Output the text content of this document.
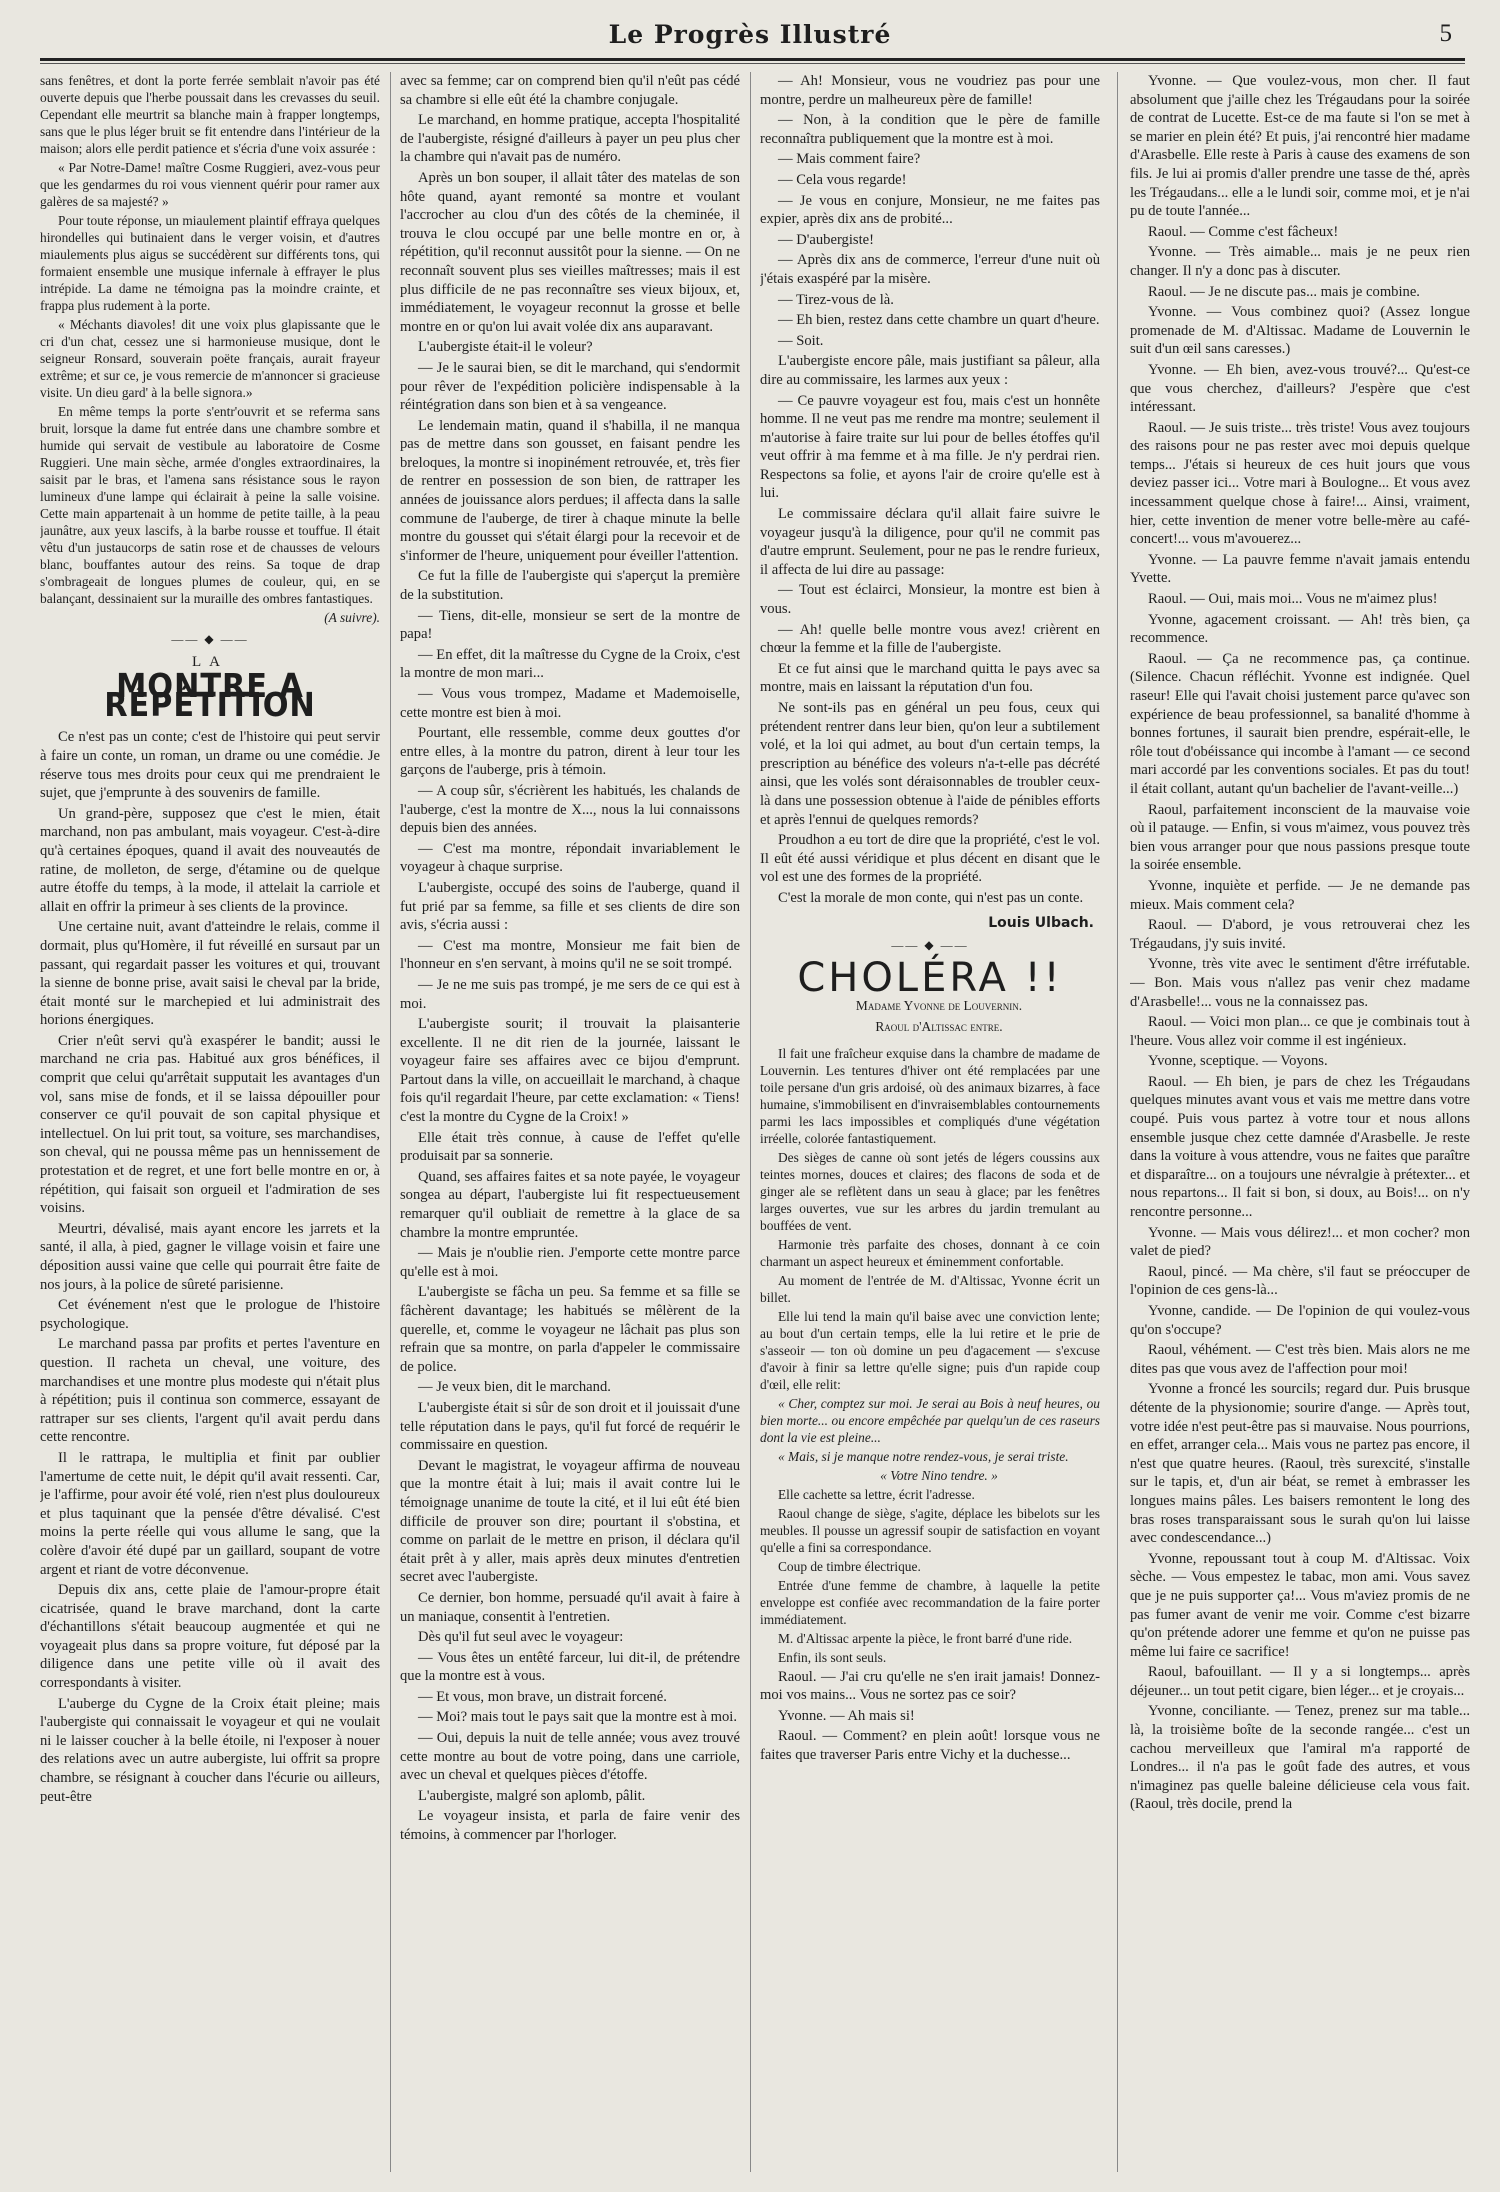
Le Progrès Illustré	5

sans fenêtres, et dont la porte ferrée semblait n'avoir pas été ouverte depuis que l'herbe poussait dans les crevasses du seuil. Cependant elle meurtrit sa blanche main à frapper longtemps, sans que le plus léger bruit se fit entendre dans l'intérieur de la maison; alors elle perdit patience et s'écria d'une voix assurée :

« Par Notre-Dame! maître Cosme Ruggieri, avez-vous peur que les gendarmes du roi vous viennent quérir pour ramer aux galères de sa majesté? »

Pour toute réponse, un miaulement plaintif effraya quelques hirondelles qui butinaient dans le verger voisin, et d'autres miaulements plus aigus se succédèrent sur différents tons, qui formaient ensemble une musique infernale à effrayer le plus intrépide. La dame ne témoigna pas la moindre crainte, et frappa plus rudement à la porte.

« Méchants diavoles! dit une voix plus glapissante que le cri d'un chat, cessez une si harmonieuse musique, dont le seigneur Ronsard, souverain poëte français, aurait frayeur extrême; et sur ce, je vous remercie de m'annoncer si gracieuse visite. Un dieu gard' à la belle signora.»

En même temps la porte s'entr'ouvrit et se referma sans bruit, lorsque la dame fut entrée dans une chambre sombre et humide qui servait de vestibule au laboratoire de Cosme Ruggieri. Une main sèche, armée d'ongles extraordinaires, la saisit par le bras, et l'amena sans résistance sous le rayon lumineux d'une lampe qui éclairait à peine la salle voisine. Cette main appartenait à un homme de petite taille, à la peau jaunâtre, aux yeux lascifs, à la barbe rousse et touffue. Il était vêtu d'un justaucorps de satin rose et de chausses de velours blanc, bouffantes autour des reins. Sa toque de drap s'ombrageait de longues plumes de couleur, qui, en se balançant, dessinaient sur la muraille des ombres fantastiques.

(A suivre).

—— ◆ ——
LA
MONTRE A RÉPÉTITION

Ce n'est pas un conte; c'est de l'histoire qui peut servir à faire un conte, un roman, un drame ou une comédie. Je réserve tous mes droits pour ceux qui me prendraient le sujet, que j'emprunte à des souvenirs de famille.

Un grand-père, supposez que c'est le mien, était marchand, non pas ambulant, mais voyageur. C'est-à-dire qu'à certaines époques, quand il avait des nouveautés de ratine, de molleton, de serge, d'étamine ou de quelque autre étoffe du temps, à la mode, il attelait la carriole et allait en offrir la primeur à ses clients de la province.

Une certaine nuit, avant d'atteindre le relais, comme il dormait, plus qu'Homère, il fut réveillé en sursaut par un passant, qui regardait passer les voitures et qui, trouvant la sienne de bonne prise, avait saisi le cheval par la bride, était monté sur le marchepied et lui administrait des horions énergiques.

Crier n'eût servi qu'à exaspérer le bandit; aussi le marchand ne cria pas. Habitué aux gros bénéfices, il comprit que celui qu'arrêtait supputait les avantages d'un vol, sans mise de fonds, et il se laissa dépouiller pour conserver ce qu'il pouvait de son capital physique et intellectuel. On lui prit tout, sa voiture, ses marchandises, son cheval, qui ne poussa même pas un hennissement de protestation et de regret, et une fort belle montre en or, à répétition, qui faisait son orgueil et l'admiration de ses voisins.

Meurtri, dévalisé, mais ayant encore les jarrets et la santé, il alla, à pied, gagner le village voisin et faire une déposition aussi vaine que celle qui pourrait être faite de nos jours, à la police de sûreté parisienne.

Cet événement n'est que le prologue de l'histoire psychologique.

Le marchand passa par profits et pertes l'aventure en question. Il racheta un cheval, une voiture, des marchandises et une montre plus modeste qui n'était plus à répétition; puis il continua son commerce, essayant de rattraper sur ses clients, l'argent qu'il avait perdu dans cette rencontre.

Il le rattrapa, le multiplia et finit par oublier l'amertume de cette nuit, le dépit qu'il avait ressenti. Car, je l'affirme, pour avoir été volé, rien n'est plus douloureux et plus taquinant que la pensée d'être dévalisé. C'est moins la perte réelle qui vous allume le sang, que la colère d'avoir été dupé par un gaillard, soupant de votre argent et riant de votre déconvenue.

Depuis dix ans, cette plaie de l'amour-propre était cicatrisée, quand le brave marchand, dont la carte d'échantillons s'était beaucoup augmentée et qui ne voyageait plus dans sa propre voiture, fut déposé par la diligence dans une petite ville où il avait des correspondants à visiter.

L'auberge du Cygne de la Croix était pleine; mais l'aubergiste qui connaissait le voyageur et qui ne voulait ni le laisser coucher à la belle étoile, ni l'exposer à nouer des relations avec un autre aubergiste, lui offrit sa propre chambre, se résignant à coucher dans l'écurie ou ailleurs, peut-être

avec sa femme; car on comprend bien qu'il n'eût pas cédé sa chambre si elle eût été la chambre conjugale.

Le marchand, en homme pratique, accepta l'hospitalité de l'aubergiste, résigné d'ailleurs à payer un peu plus cher la chambre qui n'avait pas de numéro.

Après un bon souper, il allait tâter des matelas de son hôte quand, ayant remonté sa montre et voulant l'accrocher au clou d'un des côtés de la cheminée, il trouva le clou occupé par une belle montre en or, à répétition, qu'il reconnut aussitôt pour la sienne. — On ne reconnaît souvent plus ses vieilles maîtresses; mais il est plus difficile de ne pas reconnaître ses vieux bijoux, et, immédiatement, le voyageur reconnut la grosse et belle montre en or qu'on lui avait volée dix ans auparavant.

L'aubergiste était-il le voleur?

— Je le saurai bien, se dit le marchand, qui s'endormit pour rêver de l'expédition policière indispensable à la réintégration dans son bien et à sa vengeance.

Le lendemain matin, quand il s'habilla, il ne manqua pas de mettre dans son gousset, en faisant pendre les breloques, la montre si inopinément retrouvée, et, très fier de rentrer en possession de son bien, de rattraper les années de jouissance alors perdues; il affecta dans la salle commune de l'auberge, de tirer à chaque minute la belle montre du gousset qui s'était élargi pour la recevoir et de s'informer de l'heure, uniquement pour éveiller l'attention.

Ce fut la fille de l'aubergiste qui s'aperçut la première de la substitution.

— Tiens, dit-elle, monsieur se sert de la montre de papa!

— En effet, dit la maîtresse du Cygne de la Croix, c'est la montre de mon mari...

— Vous vous trompez, Madame et Mademoiselle, cette montre est bien à moi.

Pourtant, elle ressemble, comme deux gouttes d'or entre elles, à la montre du patron, dirent à leur tour les garçons de l'auberge, pris à témoin.

— A coup sûr, s'écrièrent les habitués, les chalands de l'auberge, c'est la montre de X..., nous la lui connaissons depuis bien des années.

— C'est ma montre, répondait invariablement le voyageur à chaque surprise.

L'aubergiste, occupé des soins de l'auberge, quand il fut prié par sa femme, sa fille et ses clients de dire son avis, s'écria aussi :

— C'est ma montre, Monsieur me fait bien de l'honneur en s'en servant, à moins qu'il ne se soit trompé.

— Je ne me suis pas trompé, je me sers de ce qui est à moi.

L'aubergiste sourit; il trouvait la plaisanterie excellente. Il ne dit rien de la journée, laissant le voyageur faire ses affaires avec ce bijou d'emprunt. Partout dans la ville, on accueillait le marchand, à chaque fois qu'il regardait l'heure, par cette exclamation: « Tiens! c'est la montre du Cygne de la Croix! »

Elle était très connue, à cause de l'effet qu'elle produisait par sa sonnerie.

Quand, ses affaires faites et sa note payée, le voyageur songea au départ, l'aubergiste lui fit respectueusement remarquer qu'il oubliait de remettre à la glace de sa chambre la montre empruntée.

— Mais je n'oublie rien. J'emporte cette montre parce qu'elle est à moi.

L'aubergiste se fâcha un peu. Sa femme et sa fille se fâchèrent davantage; les habitués se mêlèrent de la querelle, et, comme le voyageur ne lâchait pas plus son refrain que sa montre, on parla d'appeler le commissaire de police.

— Je veux bien, dit le marchand.

L'aubergiste était si sûr de son droit et il jouissait d'une telle réputation dans le pays, qu'il fut forcé de requérir le commissaire en question.

Devant le magistrat, le voyageur affirma de nouveau que la montre était à lui; mais il avait contre lui le témoignage unanime de toute la cité, et il lui eût été bien difficile de prouver son dire; pourtant il s'obstina, et comme on parlait de le mettre en prison, il déclara qu'il était prêt à y aller, mais après deux minutes d'entretien secret avec l'aubergiste.

Ce dernier, bon homme, persuadé qu'il avait à faire à un maniaque, consentit à l'entretien.

Dès qu'il fut seul avec le voyageur:

— Vous êtes un entêté farceur, lui dit-il, de prétendre que la montre est à vous.

— Et vous, mon brave, un distrait forcené.

— Moi? mais tout le pays sait que la montre est à moi.

— Oui, depuis la nuit de telle année; vous avez trouvé cette montre au bout de votre poing, dans une carriole, avec un cheval et quelques pièces d'étoffe.

L'aubergiste, malgré son aplomb, pâlit.

Le voyageur insista, et parla de faire venir des témoins, à commencer par l'horloger.

— Ah! Monsieur, vous ne voudriez pas pour une montre, perdre un malheureux père de famille!

— Non, à la condition que le père de famille reconnaîtra publiquement que la montre est à moi.

— Mais comment faire?

— Cela vous regarde!

— Je vous en conjure, Monsieur, ne me faites pas expier, après dix ans de probité...

— D'aubergiste!

— Après dix ans de commerce, l'erreur d'une nuit où j'étais exaspéré par la misère.

— Tirez-vous de là.

— Eh bien, restez dans cette chambre un quart d'heure.

— Soit.

L'aubergiste encore pâle, mais justifiant sa pâleur, alla dire au commissaire, les larmes aux yeux :

— Ce pauvre voyageur est fou, mais c'est un honnête homme. Il ne veut pas me rendre ma montre; seulement il m'autorise à faire traite sur lui pour de belles étoffes qu'il veut offrir à ma femme et à ma fille. Je n'y perdrai rien. Respectons sa folie, et ayons l'air de croire qu'elle est à lui.

Le commissaire déclara qu'il allait faire suivre le voyageur jusqu'à la diligence, pour qu'il ne commit pas d'autre emprunt. Seulement, pour ne pas le rendre furieux, il affecta de lui dire au passage:

— Tout est éclairci, Monsieur, la montre est bien à vous.

— Ah! quelle belle montre vous avez! crièrent en chœur la femme et la fille de l'aubergiste.

Et ce fut ainsi que le marchand quitta le pays avec sa montre, mais en laissant la réputation d'un fou.

Ne sont-ils pas en général un peu fous, ceux qui prétendent rentrer dans leur bien, qu'on leur a subtilement volé, et la loi qui admet, au bout d'un certain temps, la prescription au bénéfice des voleurs n'a-t-elle pas décrété ainsi, que les volés sont déraisonnables de troubler ceux-là dans une possession obtenue à l'aide de pénibles efforts et après l'ennui de quelques remords?

Proudhon a eu tort de dire que la propriété, c'est le vol. Il eût été aussi véridique et plus décent en disant que le vol est une des formes de la propriété.

C'est la morale de mon conte, qui n'est pas un conte.

Louis Ulbach.
—— ◆ ——
CHOLÉRA !!

Madame Yvonne de Louvernin.

Raoul d'Altissac entre.

Il fait une fraîcheur exquise dans la chambre de madame de Louvernin. Les tentures d'hiver ont été remplacées par une toile persane d'un gris ardoisé, où des animaux bizarres, à face humaine, s'immobilisent en d'invraisemblables contournements parmi les lacs impossibles et compliqués d'une végétation irréelle, colorée fantastiquement.

Des sièges de canne où sont jetés de légers coussins aux teintes mornes, douces et claires; des flacons de soda et de ginger ale se reflètent dans un seau à glace; par les fenêtres larges ouvertes, vue sur les arbres du jardin tremulant au bouffées de vent.

Harmonie très parfaite des choses, donnant à ce coin charmant un aspect heureux et éminemment confortable.

Au moment de l'entrée de M. d'Altissac, Yvonne écrit un billet.

Elle lui tend la main qu'il baise avec une conviction lente; au bout d'un certain temps, elle la lui retire et le prie de s'asseoir — ton où domine un peu d'agacement — s'excuse d'avoir à finir sa lettre qu'elle signe; puis d'un rapide coup d'œil, elle relit:

« Cher, comptez sur moi. Je serai au Bois à neuf heures, ou bien morte... ou encore empêchée par quelqu'un de ces raseurs dont la vie est pleine...

« Mais, si je manque notre rendez-vous, je serai triste.

« Votre Nino tendre. »

Elle cachette sa lettre, écrit l'adresse.

Raoul change de siège, s'agite, déplace les bibelots sur les meubles. Il pousse un agressif soupir de satisfaction en voyant qu'elle a fini sa correspondance.

Coup de timbre électrique.

Entrée d'une femme de chambre, à laquelle la petite enveloppe est confiée avec recommandation de la faire porter immédiatement.

M. d'Altissac arpente la pièce, le front barré d'une ride.

Enfin, ils sont seuls.

Raoul. — J'ai cru qu'elle ne s'en irait jamais! Donnez-moi vos mains... Vous ne sortez pas ce soir?

Yvonne. — Ah mais si!

Raoul. — Comment? en plein août! lorsque vous ne faites que traverser Paris entre Vichy et la duchesse...

Yvonne. — Que voulez-vous, mon cher. Il faut absolument que j'aille chez les Trégaudans pour la soirée de contrat de Lucette. Est-ce de ma faute si l'on se met à se marier en plein été? Et puis, j'ai rencontré hier madame d'Arasbelle. Elle reste à Paris à cause des examens de son fils. Je lui ai promis d'aller prendre une tasse de thé, après les Trégaudans... elle a le lundi soir, comme moi, et je n'ai pu de toute l'année...

Raoul. — Comme c'est fâcheux!

Yvonne. — Très aimable... mais je ne peux rien changer. Il n'y a donc pas à discuter.

Raoul. — Je ne discute pas... mais je combine.

Yvonne. — Vous combinez quoi? (Assez longue promenade de M. d'Altissac. Madame de Louvernin le suit d'un œil sans caresses.)

Yvonne. — Eh bien, avez-vous trouvé?... Qu'est-ce que vous cherchez, d'ailleurs? J'espère que c'est intéressant.

Raoul. — Je suis triste... très triste! Vous avez toujours des raisons pour ne pas rester avec moi depuis quelque temps... J'étais si heureux de ces huit jours que vous deviez passer ici... Votre mari à Boulogne... Et vous avez incessamment quelque chose à faire!... Ainsi, vraiment, hier, cette invention de mener votre belle-mère au café-concert!... vous m'avouerez...

Yvonne. — La pauvre femme n'avait jamais entendu Yvette.

Raoul. — Oui, mais moi... Vous ne m'aimez plus!

Yvonne, agacement croissant. — Ah! très bien, ça recommence.

Raoul. — Ça ne recommence pas, ça continue. (Silence. Chacun réfléchit. Yvonne est indignée. Quel raseur! Elle qui l'avait choisi justement parce qu'avec son expérience de beau professionnel, sa banalité d'homme à bonnes fortunes, il saurait bien prendre, espérait-elle, le rôle tout d'obéissance qui incombe à l'amant — ce second mari accordé par les conventions sociales. Et pas du tout! il était collant, autant qu'un bachelier de l'avant-veille...)

Raoul, parfaitement inconscient de la mauvaise voie où il patauge. — Enfin, si vous m'aimez, vous pouvez très bien vous arranger pour que nous passions presque toute la soirée ensemble.

Yvonne, inquiète et perfide. — Je ne demande pas mieux. Mais comment cela?

Raoul. — D'abord, je vous retrouverai chez les Trégaudans, j'y suis invité.

Yvonne, très vite avec le sentiment d'être irréfutable. — Bon. Mais vous n'allez pas venir chez madame d'Arasbelle!... vous ne la connaissez pas.

Raoul. — Voici mon plan... ce que je combinais tout à l'heure. Vous allez voir comme il est ingénieux.

Yvonne, sceptique. — Voyons.

Raoul. — Eh bien, je pars de chez les Trégaudans quelques minutes avant vous et vais me mettre dans votre coupé. Puis vous partez à votre tour et nous allons ensemble jusque chez cette damnée d'Arasbelle. Je reste dans la voiture à vous attendre, vous ne faites que paraître et disparaître... on a toujours une névralgie à prétexter... et nous repartons... Il fait si bon, si doux, au Bois!... on n'y rencontre personne...

Yvonne. — Mais vous délirez!... et mon cocher? mon valet de pied?

Raoul, pincé. — Ma chère, s'il faut se préoccuper de l'opinion de ces gens-là...

Yvonne, candide. — De l'opinion de qui voulez-vous qu'on s'occupe?

Raoul, véhément. — C'est très bien. Mais alors ne me dites pas que vous avez de l'affection pour moi!

Yvonne a froncé les sourcils; regard dur. Puis brusque détente de la physionomie; sourire d'ange. — Après tout, votre idée n'est peut-être pas si mauvaise. Nous pourrions, en effet, arranger cela... Mais vous ne partez pas encore, il n'est que quatre heures. (Raoul, très surexcité, s'installe sur le tapis, et, d'un air béat, se remet à embrasser les longues mains pâles. Les baisers remontent le long des bras roses transparaissant sous le surah qu'on lui laisse avec condescendance...)

Yvonne, repoussant tout à coup M. d'Altissac. Voix sèche. — Vous empestez le tabac, mon ami. Vous savez que je ne puis supporter ça!... Vous m'aviez promis de ne pas fumer avant de venir me voir. Comme c'est bizarre qu'on prétende adorer une femme et qu'on ne puisse pas même lui faire ce sacrifice!

Raoul, bafouillant. — Il y a si longtemps... après déjeuner... un tout petit cigare, bien léger... et je croyais...

Yvonne, conciliante. — Tenez, prenez sur ma table... là, la troisième boîte de la seconde rangée... c'est un cachou merveilleux que l'amiral m'a rapporté de Londres... il n'a pas le goût fade des autres, et vous n'imaginez pas quelle baleine délicieuse cela vous fait. (Raoul, très docile, prend la
